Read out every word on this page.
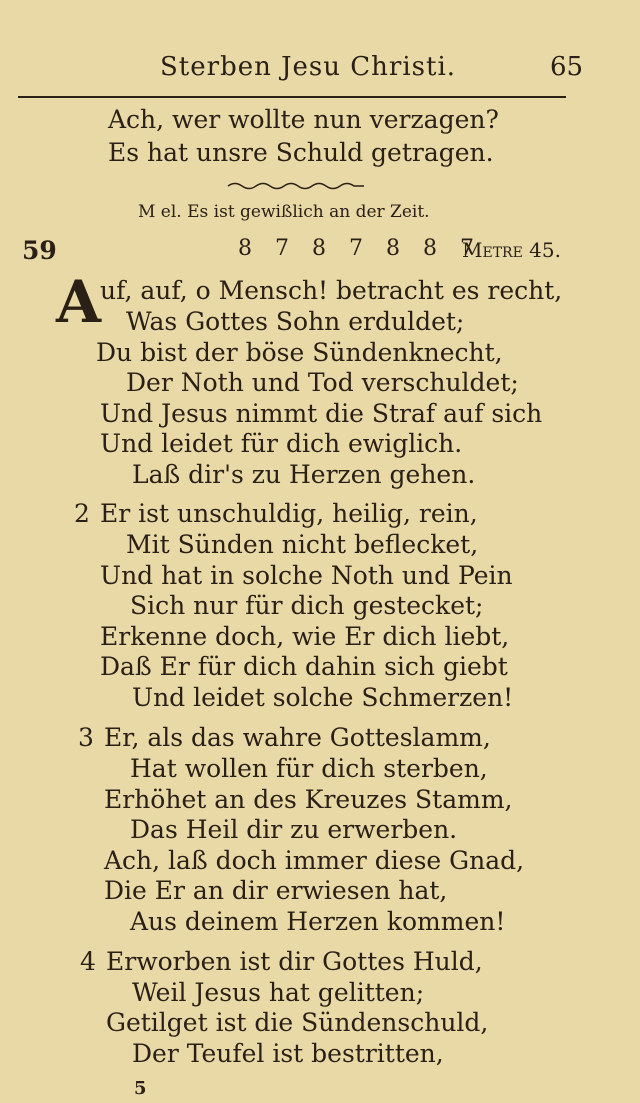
Sterben Jesu Christi.	65
Ach, wer wollte nun verzagen?
Es hat unsre Schuld getragen.
M el. Es ist gewißlich an der Zeit.
59	8 7 8 7 8 8 7
Metre 45.
A
uf, auf, o Mensch! betracht es recht,
Was Gottes Sohn erduldet;
Du bist der böse Sündenknecht,
Der Noth und Tod verschuldet;
Und Jesus nimmt die Straf auf sich
Und leidet für dich ewiglich.
Laß dir's zu Herzen gehen.
2 Er ist unschuldig, heilig, rein,
Mit Sünden nicht beflecket,
Und hat in solche Noth und Pein
Sich nur für dich gestecket;
Erkenne doch, wie Er dich liebt,
Daß Er für dich dahin sich giebt
Und leidet solche Schmerzen!
3 Er, als das wahre Gotteslamm,
Hat wollen für dich sterben,
Erhöhet an des Kreuzes Stamm,
Das Heil dir zu erwerben.
Ach, laß doch immer diese Gnad,
Die Er an dir erwiesen hat,
Aus deinem Herzen kommen!
4 Erworben ist dir Gottes Huld,
Weil Jesus hat gelitten;
Getilget ist die Sündenschuld,
Der Teufel ist bestritten,
5
